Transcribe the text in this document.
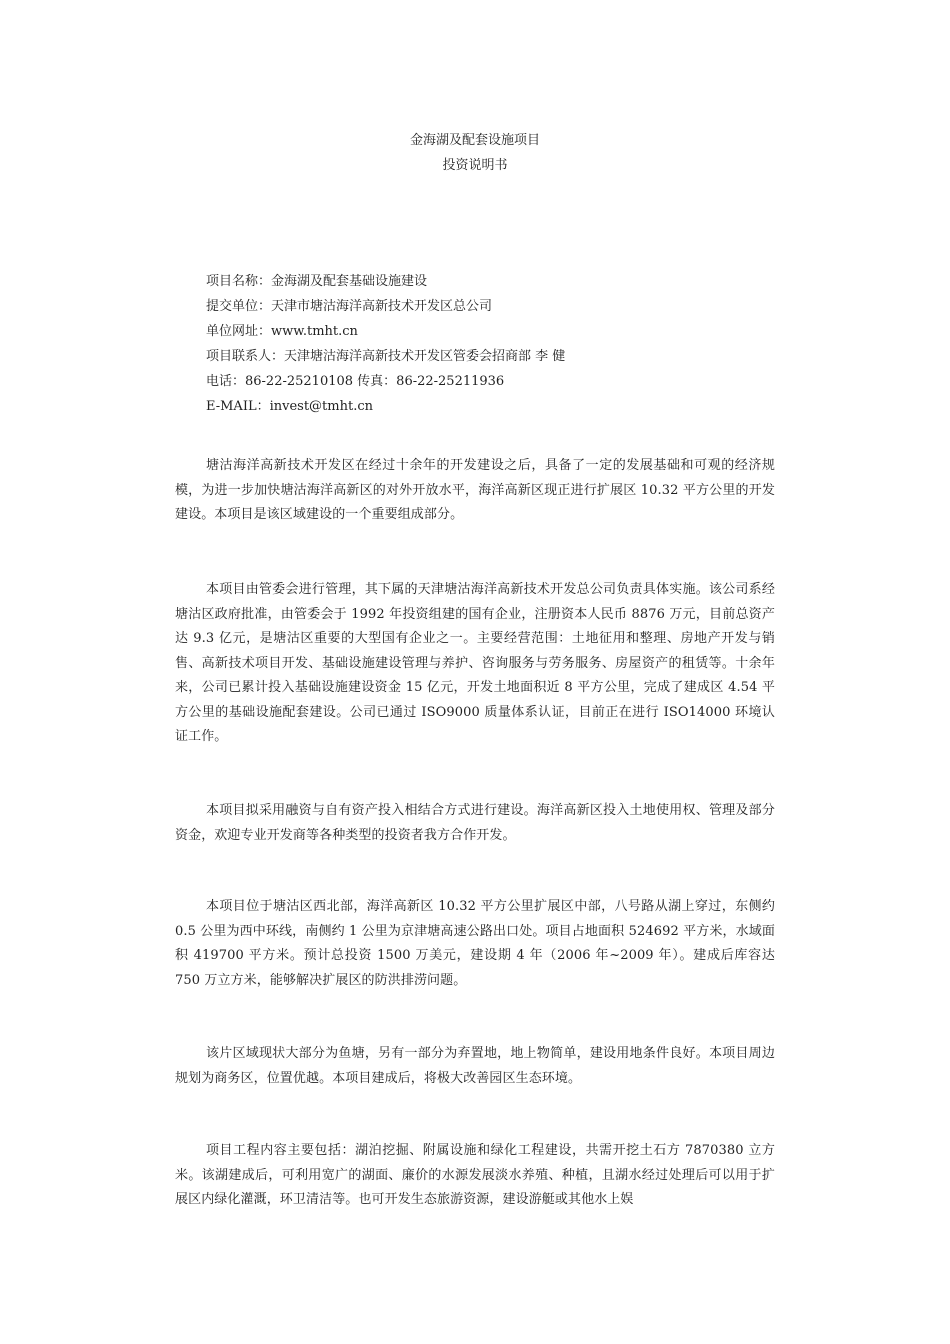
金海湖及配套设施项目
投资说明书
项目名称：金海湖及配套基础设施建设
提交单位：天津市塘沽海洋高新技术开发区总公司
单位网址：www.tmht.cn
项目联系人：天津塘沽海洋高新技术开发区管委会招商部 李 健
电话：86-22-25210108 传真：86-22-25211936
E-MAIL：invest@tmht.cn

塘沽海洋高新技术开发区在经过十余年的开发建设之后，具备了一定的发展基础和可观的经济规模，为进一步加快塘沽海洋高新区的对外开放水平，海洋高新区现正进行扩展区 10.32 平方公里的开发建设。本项目是该区域建设的一个重要组成部分。

本项目由管委会进行管理，其下属的天津塘沽海洋高新技术开发总公司负责具体实施。该公司系经塘沽区政府批准，由管委会于 1992 年投资组建的国有企业，注册资本人民币 8876 万元，目前总资产达 9.3 亿元，是塘沽区重要的大型国有企业之一。主要经营范围：土地征用和整理、房地产开发与销售、高新技术项目开发、基础设施建设管理与养护、咨询服务与劳务服务、房屋资产的租赁等。十余年来，公司已累计投入基础设施建设资金 15 亿元，开发土地面积近 8 平方公里，完成了建成区 4.54 平方公里的基础设施配套建设。公司已通过 ISO9000 质量体系认证，目前正在进行 ISO14000 环境认证工作。

本项目拟采用融资与自有资产投入相结合方式进行建设。海洋高新区投入土地使用权、管理及部分资金，欢迎专业开发商等各种类型的投资者我方合作开发。

本项目位于塘沽区西北部，海洋高新区 10.32 平方公里扩展区中部，八号路从湖上穿过，东侧约 0.5 公里为西中环线，南侧约 1 公里为京津塘高速公路出口处。项目占地面积 524692 平方米，水域面积 419700 平方米。预计总投资 1500 万美元，建设期 4 年（2006 年~2009 年）。建成后库容达 750 万立方米，能够解决扩展区的防洪排涝问题。

该片区域现状大部分为鱼塘，另有一部分为弃置地，地上物简单，建设用地条件良好。本项目周边规划为商务区，位置优越。本项目建成后，将极大改善园区生态环境。

项目工程内容主要包括：湖泊挖掘、附属设施和绿化工程建设，共需开挖土石方 7870380 立方米。该湖建成后，可利用宽广的湖面、廉价的水源发展淡水养殖、种植，且湖水经过处理后可以用于扩展区内绿化灌溉，环卫清洁等。也可开发生态旅游资源，建设游艇或其他水上娱
